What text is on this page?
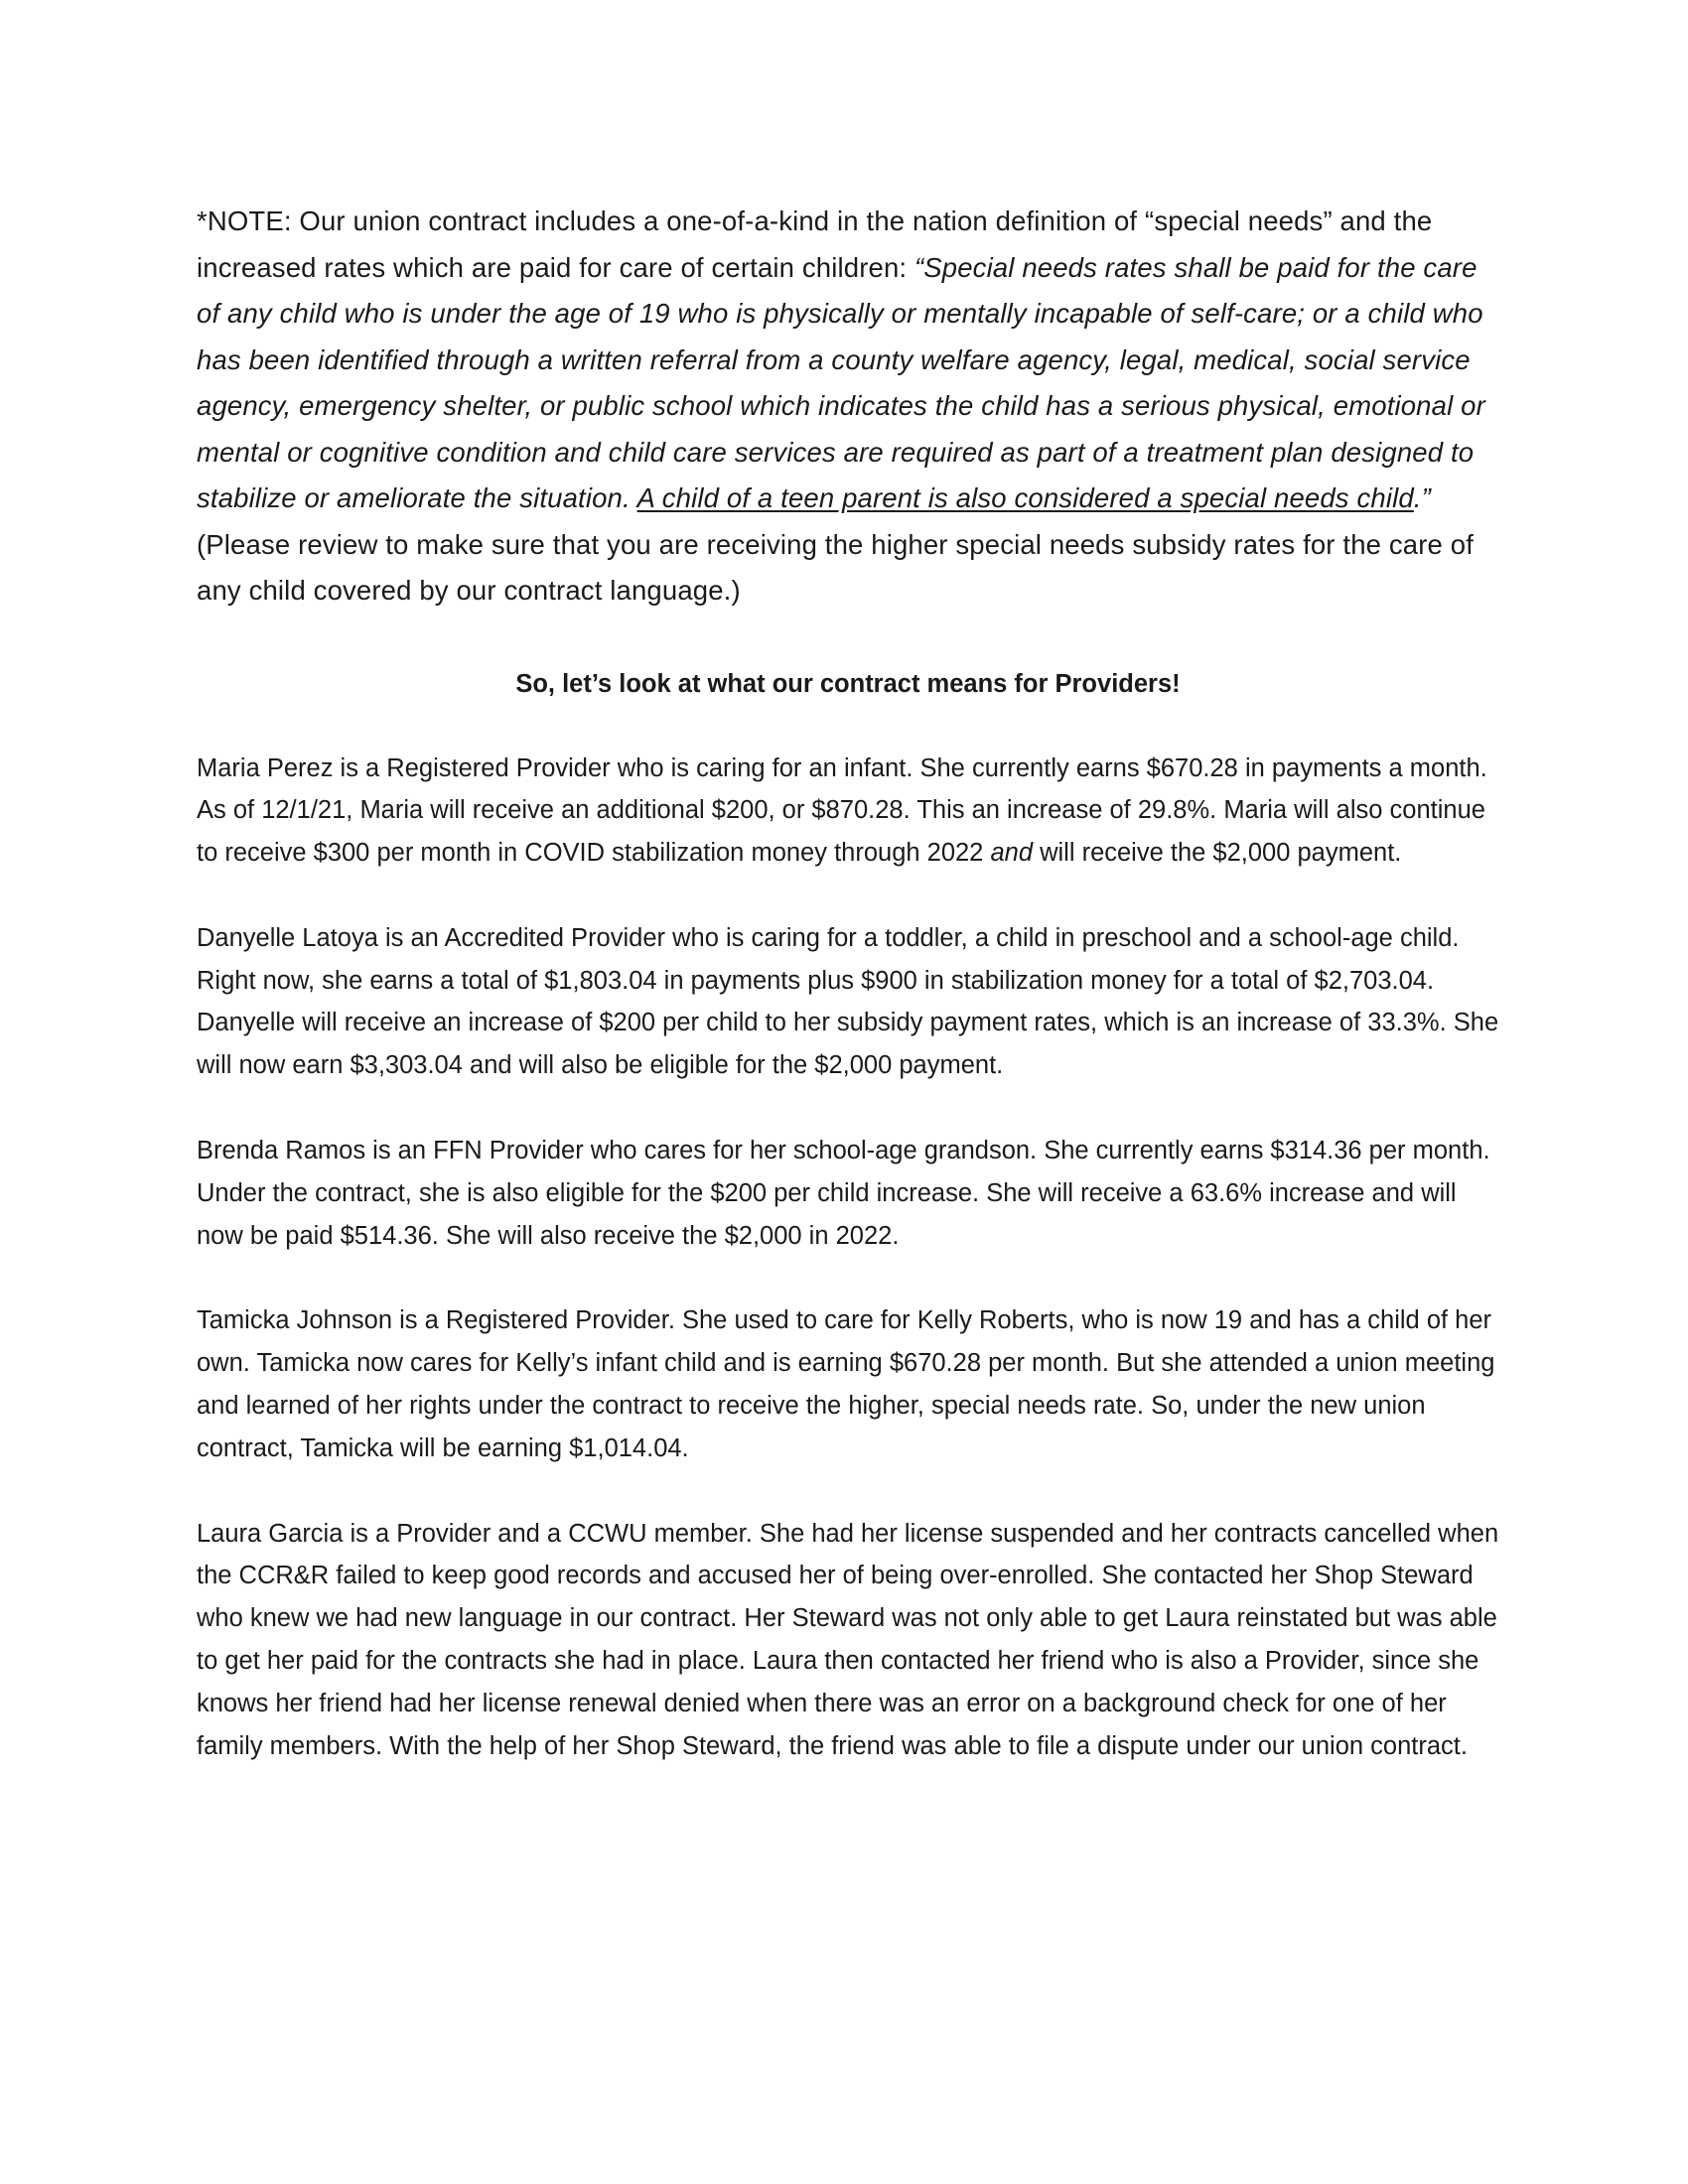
*NOTE: Our union contract includes a one-of-a-kind in the nation definition of “special needs” and the increased rates which are paid for care of certain children: “Special needs rates shall be paid for the care of any child who is under the age of 19 who is physically or mentally incapable of self-care; or a child who has been identified through a written referral from a county welfare agency, legal, medical, social service agency, emergency shelter, or public school which indicates the child has a serious physical, emotional or mental or cognitive condition and child care services are required as part of a treatment plan designed to stabilize or ameliorate the situation. A child of a teen parent is also considered a special needs child.” (Please review to make sure that you are receiving the higher special needs subsidy rates for the care of any child covered by our contract language.)

So, let’s look at what our contract means for Providers!

Maria Perez is a Registered Provider who is caring for an infant. She currently earns $670.28 in payments a month. As of 12/1/21, Maria will receive an additional $200, or $870.28. This an increase of 29.8%. Maria will also continue to receive $300 per month in COVID stabilization money through 2022 and will receive the $2,000 payment.

Danyelle Latoya is an Accredited Provider who is caring for a toddler, a child in preschool and a school-age child. Right now, she earns a total of $1,803.04 in payments plus $900 in stabilization money for a total of $2,703.04. Danyelle will receive an increase of $200 per child to her subsidy payment rates, which is an increase of 33.3%. She will now earn $3,303.04 and will also be eligible for the $2,000 payment.

Brenda Ramos is an FFN Provider who cares for her school-age grandson. She currently earns $314.36 per month. Under the contract, she is also eligible for the $200 per child increase. She will receive a 63.6% increase and will now be paid $514.36. She will also receive the $2,000 in 2022.

Tamicka Johnson is a Registered Provider. She used to care for Kelly Roberts, who is now 19 and has a child of her own. Tamicka now cares for Kelly’s infant child and is earning $670.28 per month. But she attended a union meeting and learned of her rights under the contract to receive the higher, special needs rate. So, under the new union contract, Tamicka will be earning $1,014.04.

Laura Garcia is a Provider and a CCWU member. She had her license suspended and her contracts cancelled when the CCR&R failed to keep good records and accused her of being over-enrolled. She contacted her Shop Steward who knew we had new language in our contract. Her Steward was not only able to get Laura reinstated but was able to get her paid for the contracts she had in place. Laura then contacted her friend who is also a Provider, since she knows her friend had her license renewal denied when there was an error on a background check for one of her family members. With the help of her Shop Steward, the friend was able to file a dispute under our union contract.
